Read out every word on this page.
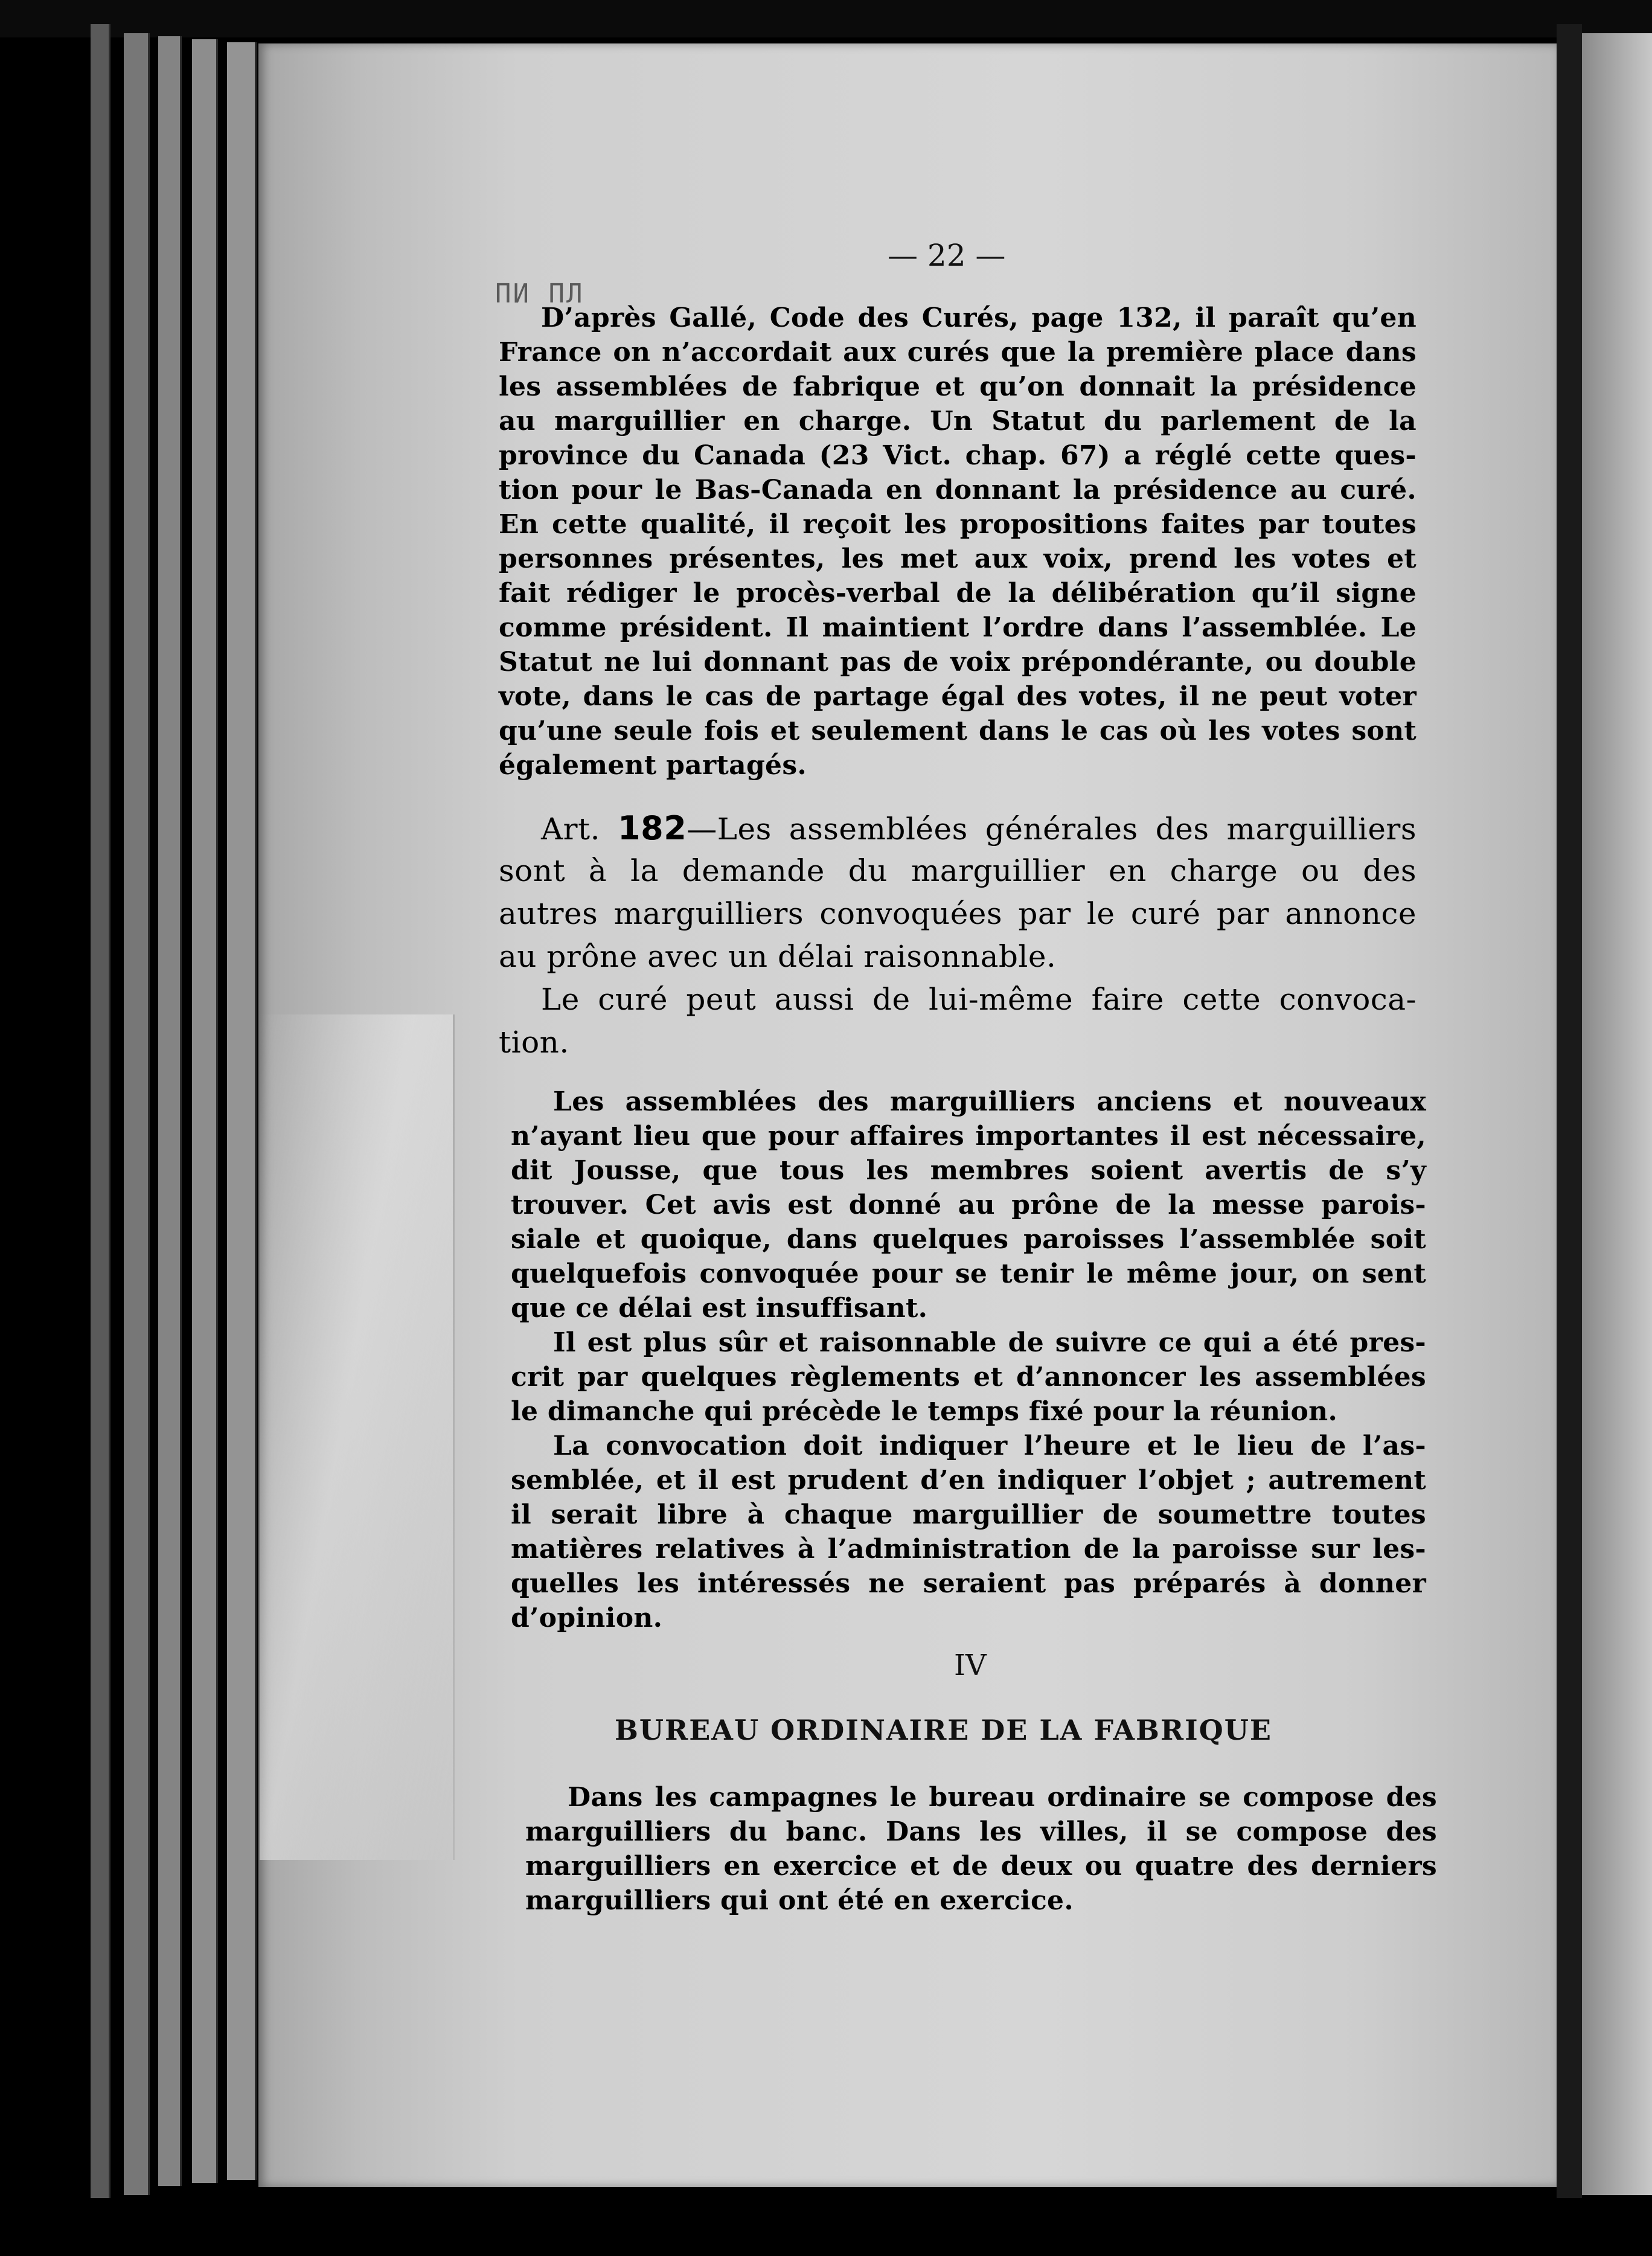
— 22 —
ПИ ПЛ
D’après Gallé, Code des Curés, page 132, il paraît qu’en
France on n’accordait aux curés que la première place dans
les assemblées de fabrique et qu’on donnait la présidence
au marguillier en charge. Un Statut du parlement de la
province du Canada (23 Vict. chap. 67) a réglé cette ques-
tion pour le Bas-Canada en donnant la présidence au curé.
En cette qualité, il reçoit les propositions faites par toutes
personnes présentes, les met aux voix, prend les votes et
fait rédiger le procès-verbal de la délibération qu’il signe
comme président. Il maintient l’ordre dans l’assemblée. Le
Statut ne lui donnant pas de voix prépondérante, ou double
vote, dans le cas de partage égal des votes, il ne peut voter
qu’une seule fois et seulement dans le cas où les votes sont
également partagés.
Art. 182—Les assemblées générales des marguilliers
sont à la demande du marguillier en charge ou des
autres marguilliers convoquées par le curé par annonce
au prône avec un délai raisonnable.
Le curé peut aussi de lui-même faire cette convoca-
tion.
Les assemblées des marguilliers anciens et nouveaux
n’ayant lieu que pour affaires importantes il est nécessaire,
dit Jousse, que tous les membres soient avertis de s’y
trouver. Cet avis est donné au prône de la messe parois-
siale et quoique, dans quelques paroisses l’assemblée soit
quelquefois convoquée pour se tenir le même jour, on sent
que ce délai est insuffisant.
Il est plus sûr et raisonnable de suivre ce qui a été pres-
crit par quelques règlements et d’annoncer les assemblées
le dimanche qui précède le temps fixé pour la réunion.
La convocation doit indiquer l’heure et le lieu de l’as-
semblée, et il est prudent d’en indiquer l’objet ; autrement
il serait libre à chaque marguillier de soumettre toutes
matières relatives à l’administration de la paroisse sur les-
quelles les intéressés ne seraient pas préparés à donner
d’opinion.
IV
BUREAU ORDINAIRE DE LA FABRIQUE
Dans les campagnes le bureau ordinaire se compose des
marguilliers du banc. Dans les villes, il se compose des
marguilliers en exercice et de deux ou quatre des derniers
marguilliers qui ont été en exercice.
